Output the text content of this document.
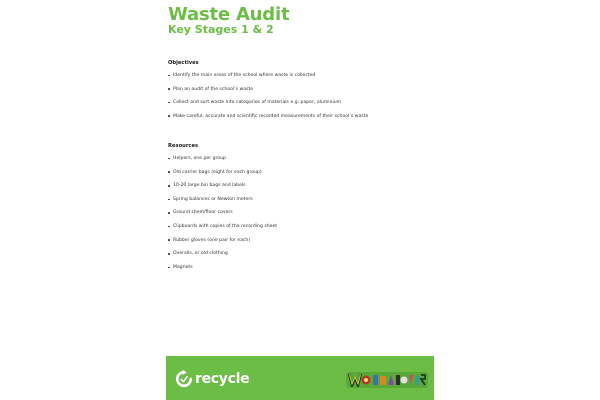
Waste Audit
Key Stages 1 & 2
Objectives
Identify the main areas of the school where waste is collected
Plan an audit of the school’s waste
Collect and sort waste into categories of materials e.g. paper, aluminium
Make careful, accurate and scientific recorded measurements of their school’s waste
Resources
Helpers, one per group
Old carrier bags (eight for each group)
10-20 large bin bags and labels
Spring balances or Newton meters
Ground sheet/floor covers
Clipboards with copies of the recording sheet
Rubber gloves (one pair for each)
Overalls, or old clothing
Magnets
recycle
